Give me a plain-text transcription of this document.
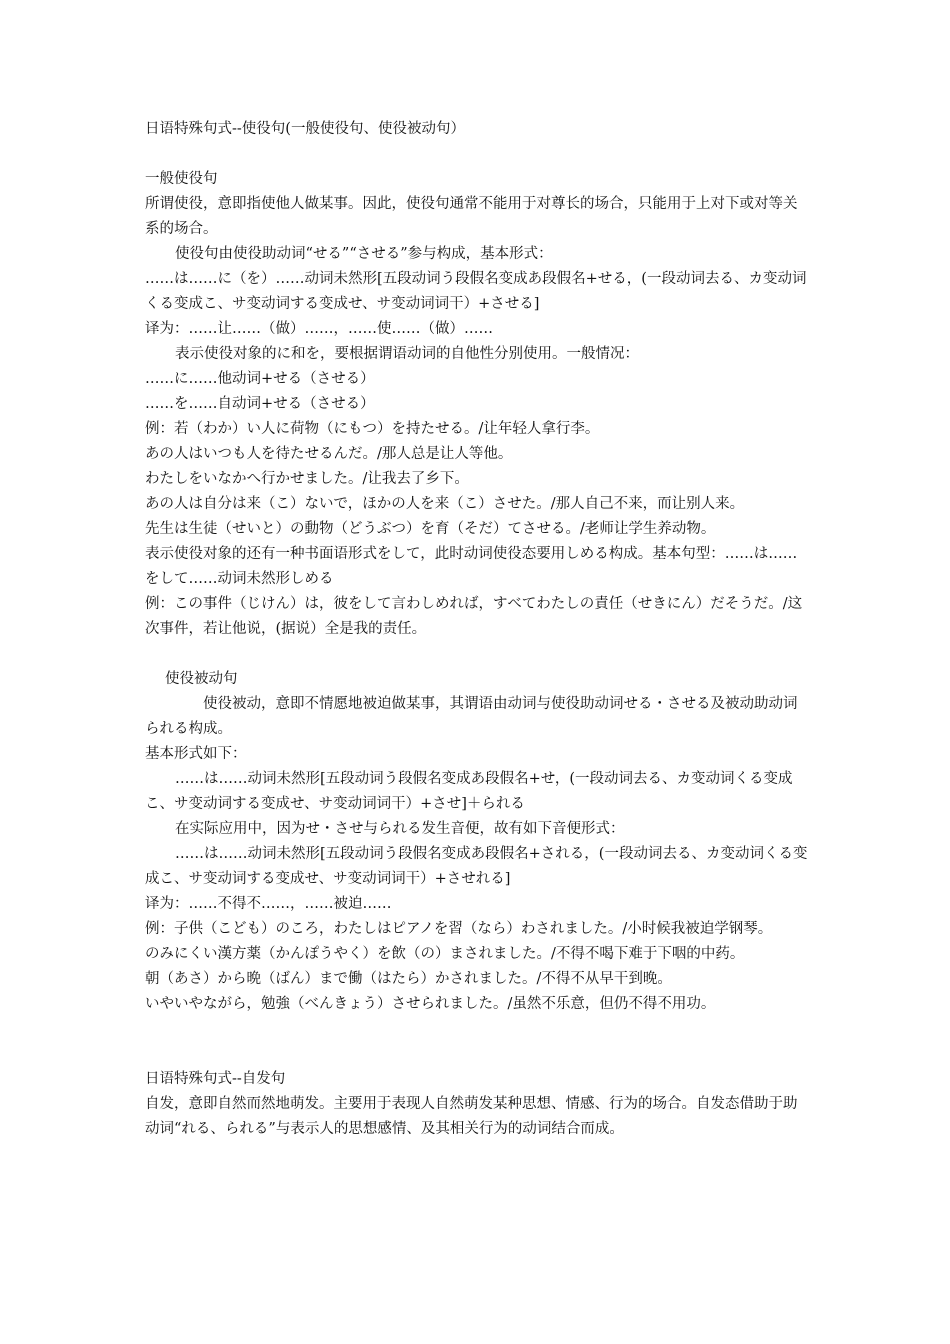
日语特殊句式--使役句(一般使役句、使役被动句）

一般使役句

所谓使役，意即指使他人做某事。因此，使役句通常不能用于对尊长的场合，只能用于上对下或对等关系的场合。

使役句由使役助动词“せる”“させる”参与构成，基本形式：

……は……に（を）……动词未然形[五段动词う段假名变成あ段假名+せる，(一段动词去る、カ变动词くる变成こ、サ变动词する变成せ、サ变动词词干）+させる]

译为：……让……（做）……，……使……（做）……

表示使役对象的に和を，要根据谓语动词的自他性分别使用。一般情况：

……に……他动词+せる（させる）

……を……自动词+せる（させる）

例：若（わか）い人に荷物（にもつ）を持たせる。/让年轻人拿行李。

あの人はいつも人を待たせるんだ。/那人总是让人等他。

わたしをいなかへ行かせました。/让我去了乡下。

あの人は自分は来（こ）ないで，ほかの人を来（こ）させた。/那人自己不来，而让别人来。

先生は生徒（せいと）の動物（どうぶつ）を育（そだ）てさせる。/老师让学生养动物。

表示使役对象的还有一种书面语形式をして，此时动词使役态要用しめる构成。基本句型：……は……をして……动词未然形しめる

例：この事件（じけん）は，彼をして言わしめれば，すべてわたしの責任（せきにん）だそうだ。/这次事件，若让他说，(据说）全是我的责任。

使役被动句

使役被动，意即不情愿地被迫做某事，其谓语由动词与使役助动词せる・させる及被动助动词られる构成。

基本形式如下：

……は……动词未然形[五段动词う段假名变成あ段假名+せ，(一段动词去る、カ变动词くる变成こ、サ变动词する变成せ、サ变动词词干）+させ]＋られる

在实际应用中，因为せ・させ与られる发生音便，故有如下音便形式：

……は……动词未然形[五段动词う段假名变成あ段假名+される，(一段动词去る、カ变动词くる变成こ、サ变动词する变成せ、サ变动词词干）+させれる]

译为：……不得不……，……被迫……

例：子供（こども）のころ，わたしはピアノを習（なら）わされました。/小时候我被迫学钢琴。

のみにくい漢方薬（かんぽうやく）を飲（の）まされました。/不得不喝下难于下咽的中药。

朝（あさ）から晩（ばん）まで働（はたら）かされました。/不得不从早干到晚。

いやいやながら，勉強（べんきょう）させられました。/虽然不乐意，但仍不得不用功。

日语特殊句式--自发句

自发，意即自然而然地萌发。主要用于表现人自然萌发某种思想、情感、行为的场合。自发态借助于助动词“れる、られる”与表示人的思想感情、及其相关行为的动词结合而成。
